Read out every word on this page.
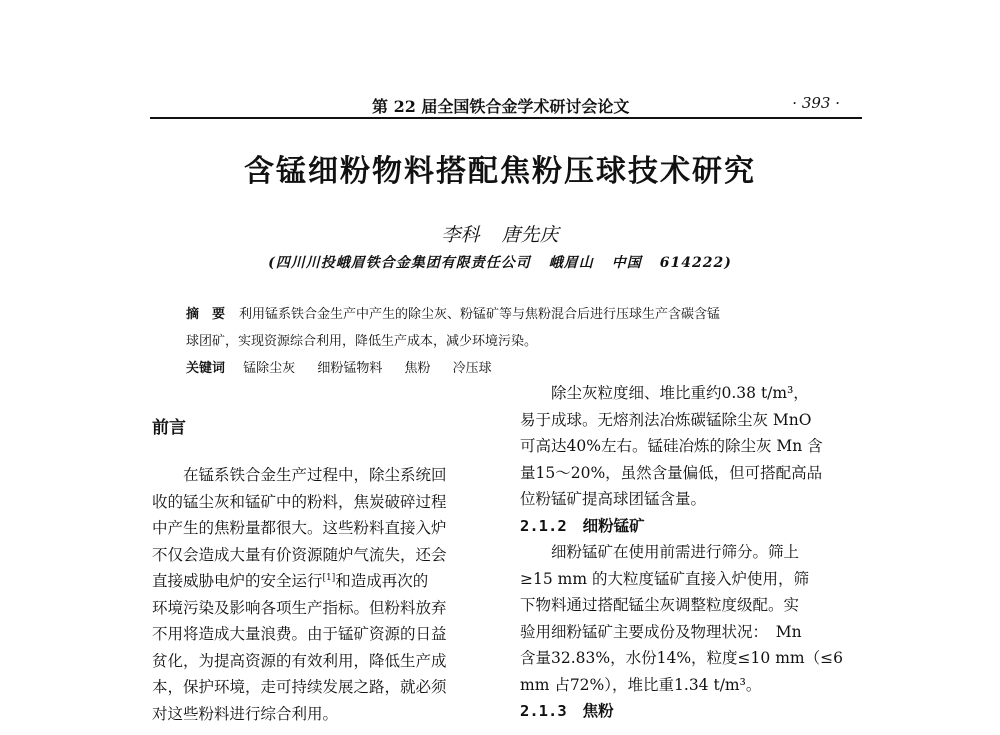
第 22 届全国铁合金学术研讨会论文	· 393 ·
含锰细粉物料搭配焦粉压球技术研究
李科 唐先庆
(四川川投峨眉铁合金集团有限责任公司 峨眉山 中国 614222)
摘　要 利用锰系铁合金生产中产生的除尘灰、粉锰矿等与焦粉混合后进行压球生产含碳含锰
球团矿，实现资源综合利用，降低生产成本，减少环境污染。
关键词 锰除尘灰 细粉锰物料 焦粉 冷压球
前言
在锰系铁合金生产过程中，除尘系统回
收的锰尘灰和锰矿中的粉料，焦炭破碎过程
中产生的焦粉量都很大。这些粉料直接入炉
不仅会造成大量有价资源随炉气流失，还会
直接威胁电炉的安全运行[1]和造成再次的
环境污染及影响各项生产指标。但粉料放弃
不用将造成大量浪费。由于锰矿资源的日益
贫化，为提高资源的有效利用，降低生产成
本，保护环境，走可持续发展之路，就必须
对这些粉料进行综合利用。
除尘灰粒度细、堆比重约0.38 t/m³，
易于成球。无熔剂法冶炼碳锰除尘灰 MnO
可高达40%左右。锰硅冶炼的除尘灰 Mn 含
量15～20%，虽然含量偏低，但可搭配高品
位粉锰矿提高球团锰含量。
2.1.2 细粉锰矿
细粉锰矿在使用前需进行筛分。筛上
≥15 mm 的大粒度锰矿直接入炉使用，筛
下物料通过搭配锰尘灰调整粒度级配。实
验用细粉锰矿主要成份及物理状况：　Mn
含量32.83%，水份14%，粒度≤10 mm（≤6
mm 占72%），堆比重1.34 t/m³。
2.1.3 焦粉
